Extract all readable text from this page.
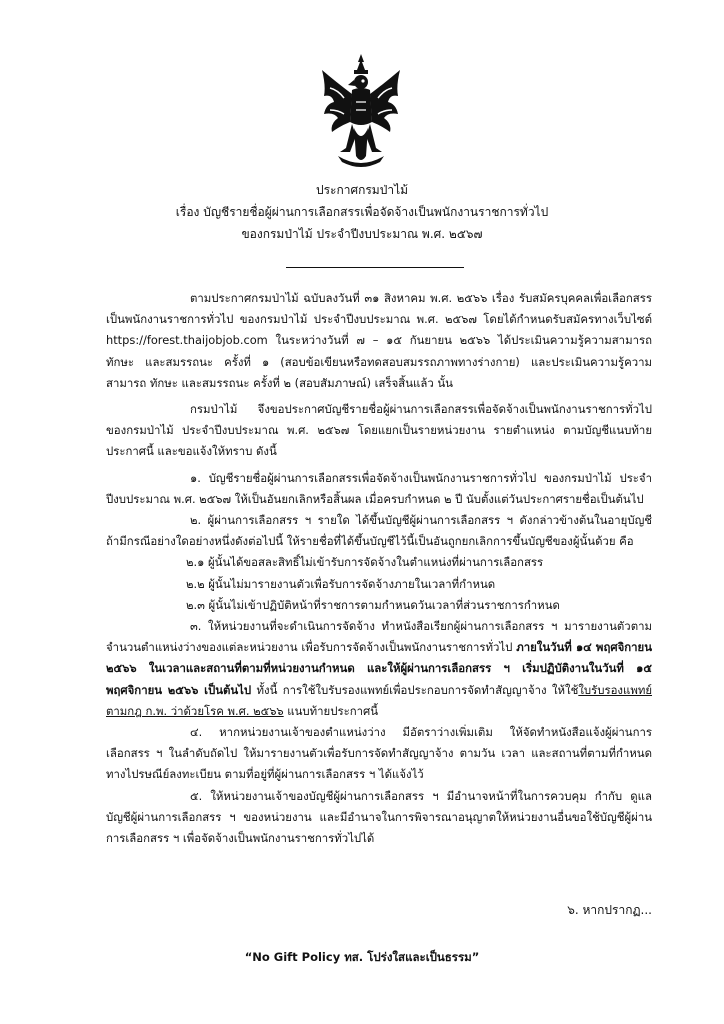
ประกาศกรมป่าไม้
เรื่อง บัญชีรายชื่อผู้ผ่านการเลือกสรรเพื่อจัดจ้างเป็นพนักงานราชการทั่วไป
ของกรมป่าไม้ ประจำปีงบประมาณ พ.ศ. ๒๕๖๗

ตามประกาศกรมป่าไม้ ฉบับลงวันที่ ๓๑ สิงหาคม พ.ศ. ๒๕๖๖ เรื่อง รับสมัครบุคคลเพื่อเลือกสรรเป็นพนักงานราชการทั่วไป ของกรมป่าไม้ ประจำปีงบประมาณ พ.ศ. ๒๕๖๗ โดยได้กำหนดรับสมัครทางเว็บไซต์ https://forest.thaijobjob.com ในระหว่างวันที่ ๗ – ๑๕ กันยายน ๒๕๖๖ ได้ประเมินความรู้ความสามารถ ทักษะ และสมรรถนะ ครั้งที่ ๑ (สอบข้อเขียนหรือทดสอบสมรรถภาพทางร่างกาย) และประเมินความรู้ความสามารถ ทักษะ และสมรรถนะ ครั้งที่ ๒ (สอบสัมภาษณ์) เสร็จสิ้นแล้ว นั้น

กรมป่าไม้ จึงขอประกาศบัญชีรายชื่อผู้ผ่านการเลือกสรรเพื่อจัดจ้างเป็นพนักงานราชการทั่วไป ของกรมป่าไม้ ประจำปีงบประมาณ พ.ศ. ๒๕๖๗ โดยแยกเป็นรายหน่วยงาน รายตำแหน่ง ตามบัญชีแนบท้ายประกาศนี้ และขอแจ้งให้ทราบ ดังนี้

๑. บัญชีรายชื่อผู้ผ่านการเลือกสรรเพื่อจัดจ้างเป็นพนักงานราชการทั่วไป ของกรมป่าไม้ ประจำปีงบประมาณ พ.ศ. ๒๕๖๗ ให้เป็นอันยกเลิกหรือสิ้นผล เมื่อครบกำหนด ๒ ปี นับตั้งแต่วันประกาศรายชื่อเป็นต้นไป

๒. ผู้ผ่านการเลือกสรร ฯ รายใด ได้ขึ้นบัญชีผู้ผ่านการเลือกสรร ฯ ดังกล่าวข้างต้นในอายุบัญชี ถ้ามีกรณีอย่างใดอย่างหนึ่งดังต่อไปนี้ ให้รายชื่อที่ได้ขึ้นบัญชีไว้นี้เป็นอันถูกยกเลิกการขึ้นบัญชีของผู้นั้นด้วย คือ

๒.๑ ผู้นั้นได้ขอสละสิทธิ์ไม่เข้ารับการจัดจ้างในตำแหน่งที่ผ่านการเลือกสรร

๒.๒ ผู้นั้นไม่มารายงานตัวเพื่อรับการจัดจ้างภายในเวลาที่กำหนด

๒.๓ ผู้นั้นไม่เข้าปฏิบัติหน้าที่ราชการตามกำหนดวันเวลาที่ส่วนราชการกำหนด

๓. ให้หน่วยงานที่จะดำเนินการจัดจ้าง ทำหนังสือเรียกผู้ผ่านการเลือกสรร ฯ มารายงานตัวตามจำนวนตำแหน่งว่างของแต่ละหน่วยงาน เพื่อรับการจัดจ้างเป็นพนักงานราชการทั่วไป ภายในวันที่ ๑๔ พฤศจิกายน ๒๕๖๖ ในเวลาและสถานที่ตามที่หน่วยงานกำหนด และให้ผู้ผ่านการเลือกสรร ฯ เริ่มปฏิบัติงานในวันที่ ๑๕ พฤศจิกายน ๒๕๖๖ เป็นต้นไป ทั้งนี้ การใช้ใบรับรองแพทย์เพื่อประกอบการจัดทำสัญญาจ้าง ให้ใช้ใบรับรองแพทย์ตามกฎ ก.พ. ว่าด้วยโรค พ.ศ. ๒๕๖๖ แนบท้ายประกาศนี้

๔. หากหน่วยงานเจ้าของตำแหน่งว่าง มีอัตราว่างเพิ่มเติม ให้จัดทำหนังสือแจ้งผู้ผ่านการเลือกสรร ฯ ในลำดับถัดไป ให้มารายงานตัวเพื่อรับการจัดทำสัญญาจ้าง ตามวัน เวลา และสถานที่ตามที่กำหนด ทางไปรษณีย์ลงทะเบียน ตามที่อยู่ที่ผู้ผ่านการเลือกสรร ฯ ได้แจ้งไว้

๕. ให้หน่วยงานเจ้าของบัญชีผู้ผ่านการเลือกสรร ฯ มีอำนาจหน้าที่ในการควบคุม กำกับ ดูแล บัญชีผู้ผ่านการเลือกสรร ฯ ของหน่วยงาน และมีอำนาจในการพิจารณาอนุญาตให้หน่วยงานอื่นขอใช้บัญชีผู้ผ่านการเลือกสรร ฯ เพื่อจัดจ้างเป็นพนักงานราชการทั่วไปได้

๖. หากปรากฏ...
“No Gift Policy ทส. โปร่งใสและเป็นธรรม”
